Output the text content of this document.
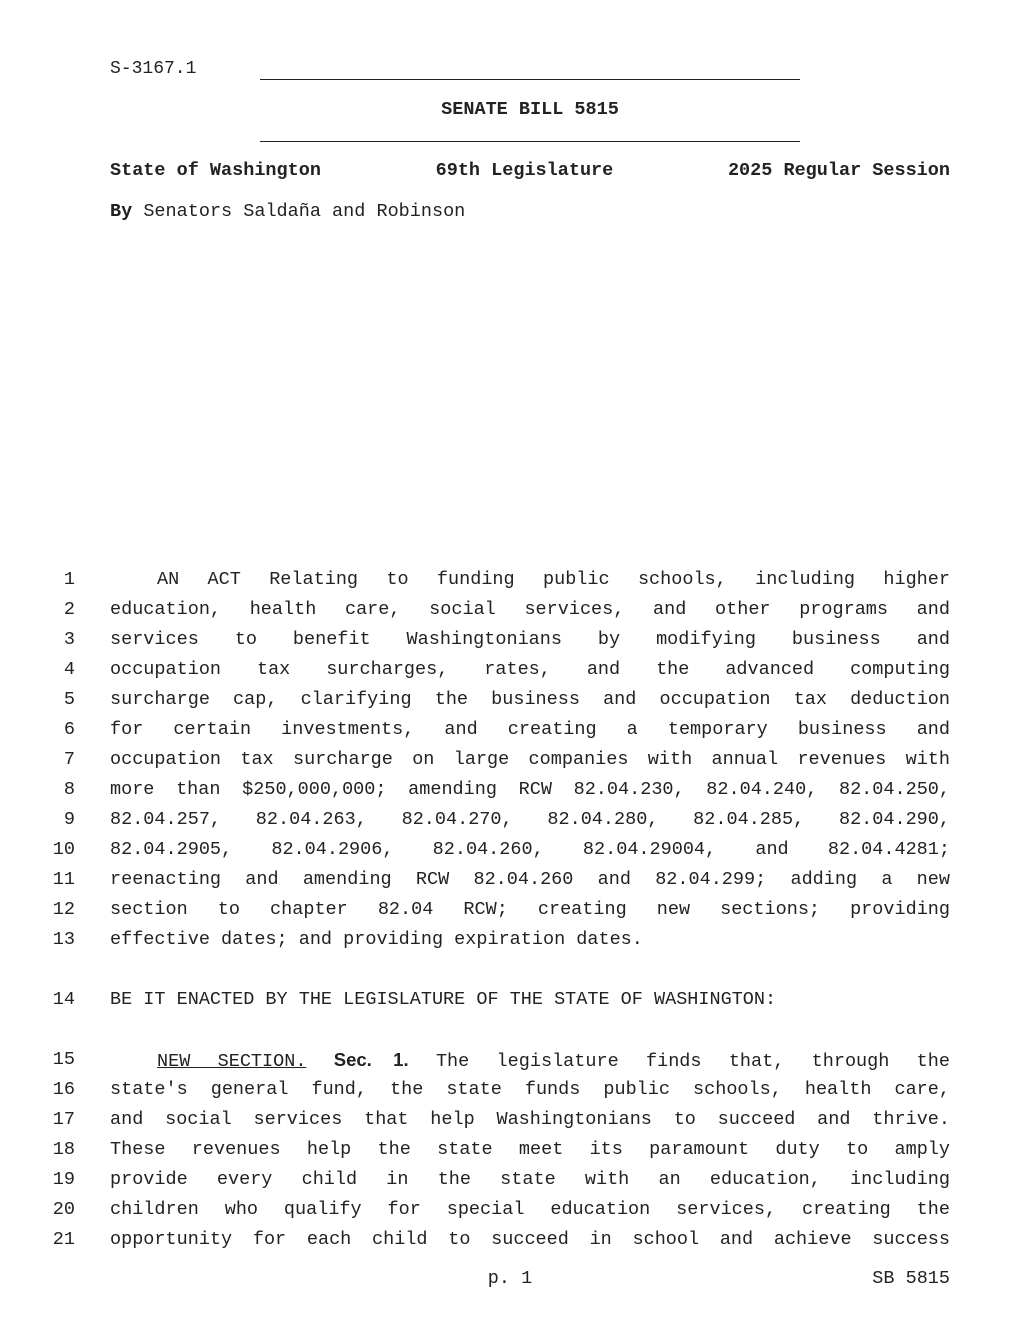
S-3167.1
SENATE BILL 5815
State of Washington	69th Legislature	2025 Regular Session
By Senators Saldaña and Robinson
1	AN ACT Relating to funding public schools, including higher
2 education, health care, social services, and other programs and
3 services to benefit Washingtonians by modifying business and
4 occupation tax surcharges, rates, and the advanced computing
5 surcharge cap, clarifying the business and occupation tax deduction
6 for certain investments, and creating a temporary business and
7 occupation tax surcharge on large companies with annual revenues with
8 more than $250,000,000; amending RCW 82.04.230, 82.04.240, 82.04.250,
9 82.04.257, 82.04.263, 82.04.270, 82.04.280, 82.04.285, 82.04.290,
10 82.04.2905, 82.04.2906, 82.04.260, 82.04.29004, and 82.04.4281;
11 reenacting and amending RCW 82.04.260 and 82.04.299; adding a new
12 section to chapter 82.04 RCW; creating new sections; providing
13 effective dates; and providing expiration dates.
14 BE IT ENACTED BY THE LEGISLATURE OF THE STATE OF WASHINGTON:
15	NEW SECTION. Sec. 1. The legislature finds that, through the
16 state's general fund, the state funds public schools, health care,
17 and social services that help Washingtonians to succeed and thrive.
18 These revenues help the state meet its paramount duty to amply
19 provide every child in the state with an education, including
20 children who qualify for special education services, creating the
21 opportunity for each child to succeed in school and achieve success
p. 1	SB 5815
